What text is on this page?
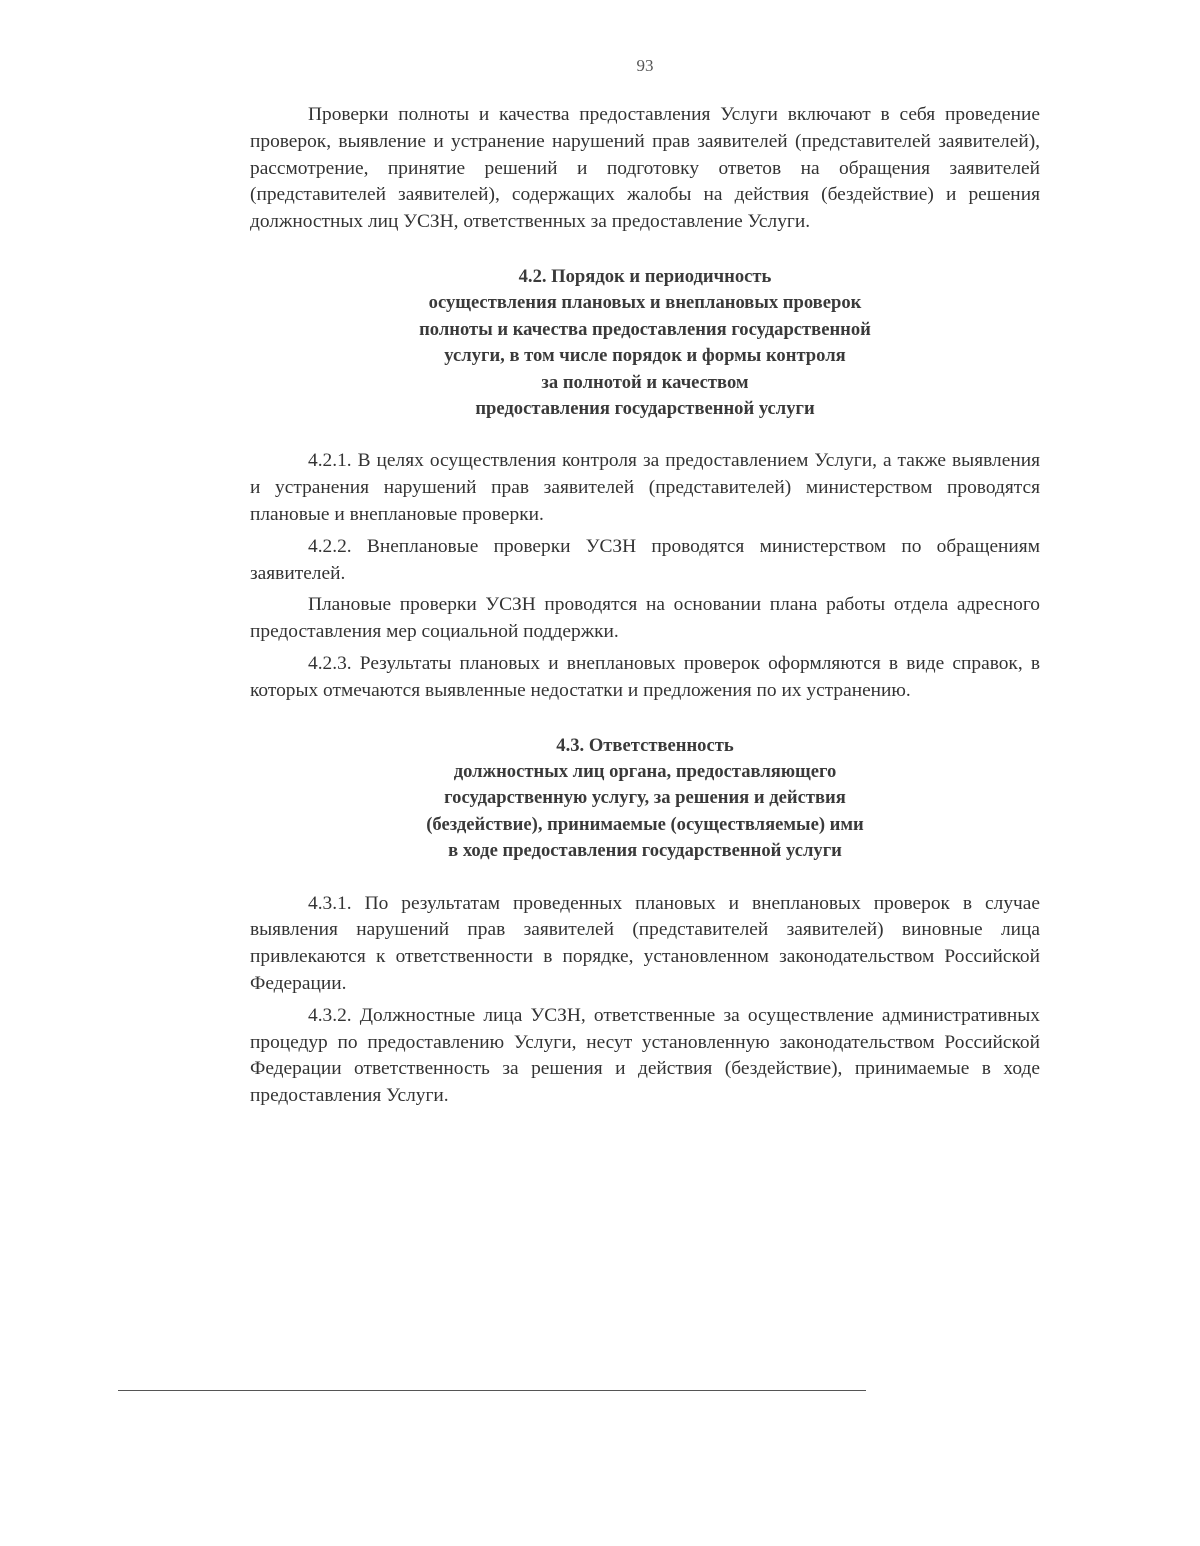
93

Проверки полноты и качества предоставления Услуги включают в себя проведение проверок, выявление и устранение нарушений прав заявителей (представителей заявителей), рассмотрение, принятие решений и подготовку ответов на обращения заявителей (представителей заявителей), содержащих жалобы на действия (бездействие) и решения должностных лиц УСЗН, ответственных за предоставление Услуги.

4.2. Порядок и периодичность
осуществления плановых и внеплановых проверок
полноты и качества предоставления государственной
услуги, в том числе порядок и формы контроля
за полнотой и качеством
предоставления государственной услуги

4.2.1. В целях осуществления контроля за предоставлением Услуги, а также выявления и устранения нарушений прав заявителей (представителей) министерством проводятся плановые и внеплановые проверки.

4.2.2. Внеплановые проверки УСЗН проводятся министерством по обращениям заявителей.

Плановые проверки УСЗН проводятся на основании плана работы отдела адресного предоставления мер социальной поддержки.

4.2.3. Результаты плановых и внеплановых проверок оформляются в виде справок, в которых отмечаются выявленные недостатки и предложения по их устранению.

4.3. Ответственность
должностных лиц органа, предоставляющего
государственную услугу, за решения и действия
(бездействие), принимаемые (осуществляемые) ими
в ходе предоставления государственной услуги

4.3.1. По результатам проведенных плановых и внеплановых проверок в случае выявления нарушений прав заявителей (представителей заявителей) виновные лица привлекаются к ответственности в порядке, установленном законодательством Российской Федерации.

4.3.2. Должностные лица УСЗН, ответственные за осуществление административных процедур по предоставлению Услуги, несут установленную законодательством Российской Федерации ответственность за решения и действия (бездействие), принимаемые в ходе предоставления Услуги.
